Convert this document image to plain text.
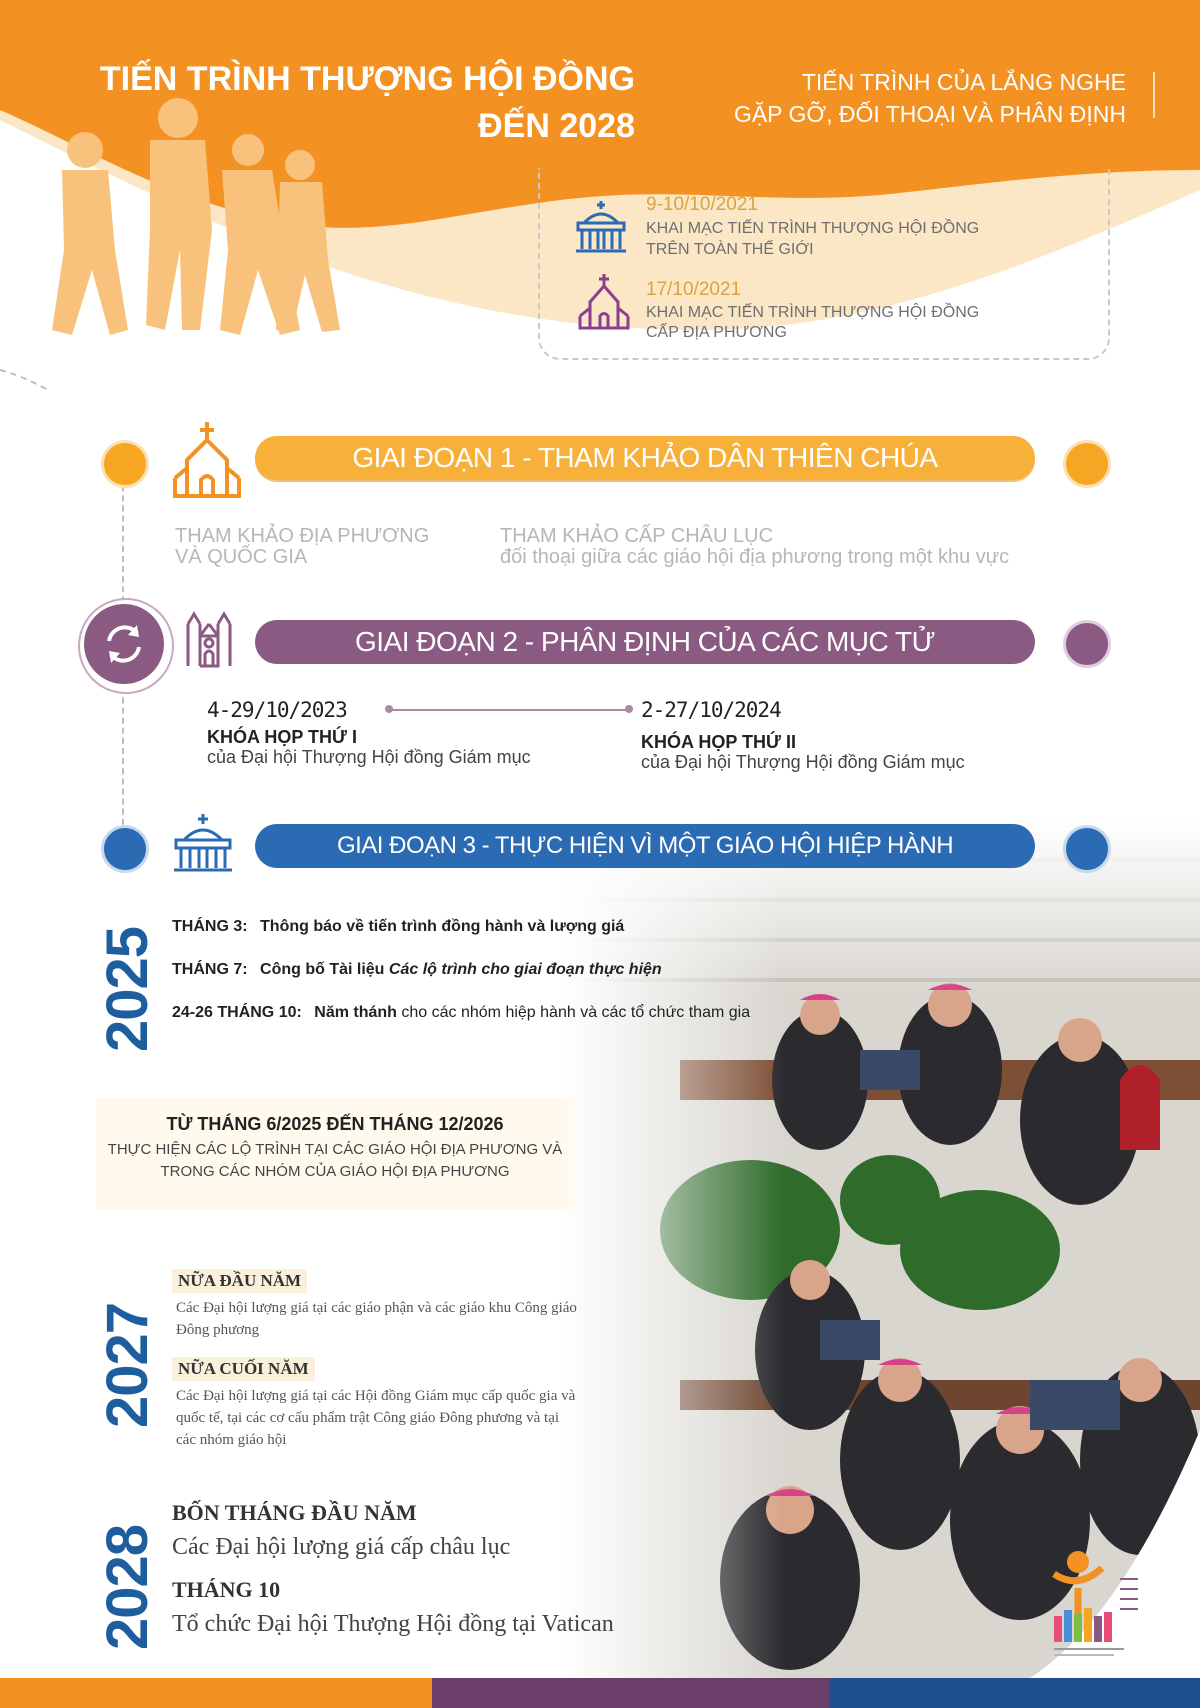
TIẾN TRÌNH THƯỢNG HỘI ĐỒNG
ĐẾN 2028
TIẾN TRÌNH CỦA LẮNG NGHE
GẶP GỠ, ĐỐI THOẠI VÀ PHÂN ĐỊNH
9-10/10/2021
KHAI MẠC TIẾN TRÌNH THƯỢNG HỘI ĐỒNG
TRÊN TOÀN THẾ GIỚI
17/10/2021
KHAI MẠC TIẾN TRÌNH THƯỢNG HỘI ĐỒNG
CẤP ĐỊA PHƯƠNG
GIAI ĐOẠN 1 - THAM KHẢO DÂN THIÊN CHÚA
THAM KHẢO ĐỊA PHƯƠNG
VÀ QUỐC GIA
THAM KHẢO CẤP CHÂU LỤC
đối thoại giữa các giáo hội địa phương trong một khu vực
GIAI ĐOẠN 2 - PHÂN ĐỊNH CỦA CÁC MỤC TỬ
4-29/10/2023
KHÓA HỌP THỨ I
của Đại hội Thượng Hội đồng Giám mục
2-27/10/2024
KHÓA HỌP THỨ II
của Đại hội Thượng Hội đồng Giám mục
GIAI ĐOẠN 3 - THỰC HIỆN VÌ MỘT GIÁO HỘI HIỆP HÀNH
2025
THÁNG 3: Thông báo về tiến trình đồng hành và lượng giá
THÁNG 7: Công bố Tài liệu Các lộ trình cho giai đoạn thực hiện
24-26 THÁNG 10: Năm thánh cho các nhóm hiệp hành và các tổ chức tham gia
TỪ THÁNG 6/2025 ĐẾN THÁNG 12/2026
THỰC HIỆN CÁC LỘ TRÌNH TẠI CÁC GIÁO HỘI ĐỊA PHƯƠNG VÀ
TRONG CÁC NHÓM CỦA GIÁO HỘI ĐỊA PHƯƠNG
2027
NỮA ĐẦU NĂM
Các Đại hội lượng giá tại các giáo phận và các giáo khu Công giáo
Đông phương
NỮA CUỐI NĂM
Các Đại hội lượng giá tại các Hội đồng Giám mục cấp quốc gia và
quốc tế, tại các cơ cấu phẩm trật Công giáo Đông phương và tại
các nhóm giáo hội
2028
BỐN THÁNG ĐẦU NĂM
Các Đại hội lượng giá cấp châu lục
THÁNG 10
Tổ chức Đại hội Thượng Hội đồng tại Vatican
